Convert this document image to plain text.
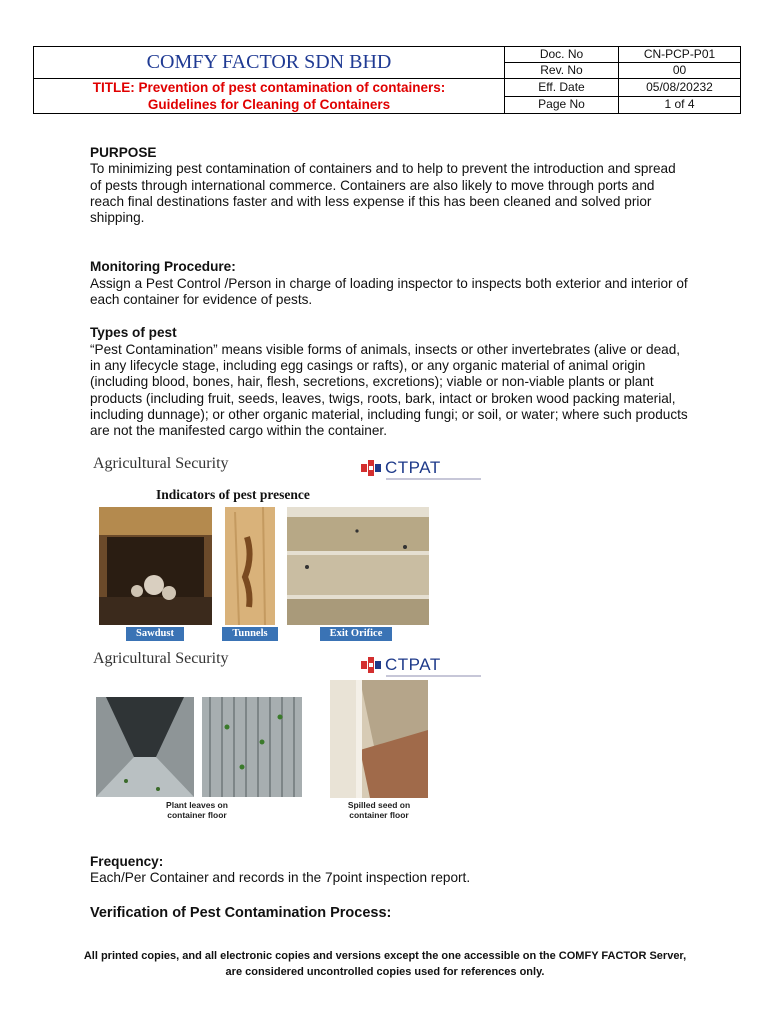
COMFY FACTOR SDN BHD	Doc. No	CN-PCP-P01
	Rev. No	00
TITLE: Prevention of pest contamination of containers:
Guidelines for Cleaning of Containers	Eff. Date	05/08/20232
	Page No	1 of 4
PURPOSE

To minimizing pest contamination of containers and to help to prevent the introduction and spread of pests through international commerce. Containers are also likely to move through ports and reach final destinations faster and with less expense if this has been cleaned and solved prior shipping.

Monitoring Procedure:

Assign a Pest Control /Person in charge of loading inspector to inspects both exterior and interior of each container for evidence of pests.

Types of pest

“Pest Contamination” means visible forms of animals, insects or other invertebrates (alive or dead, in any lifecycle stage, including egg casings or rafts), or any organic material of animal origin (including blood, bones, hair, flesh, secretions, excretions); viable or non-viable plants or plant products (including fruit, seeds, leaves, twigs, roots, bark, intact or broken wood packing material, including dunnage); or other organic material, including fungi; or soil, or water; where such products are not the manifested cargo within the container.

Agricultural Security	CTPAT
Indicators of pest presence
Sawdust	Tunnels	Exit Orifice
Agricultural Security	CTPAT
Plant leaves on container floor
Spilled seed on container floor
Frequency:

Each/Per Container and records in the 7point inspection report.

Verification of Pest Contamination Process:
All printed copies, and all electronic copies and versions except the one accessible on the COMFY FACTOR Server, are considered uncontrolled copies used for references only.
